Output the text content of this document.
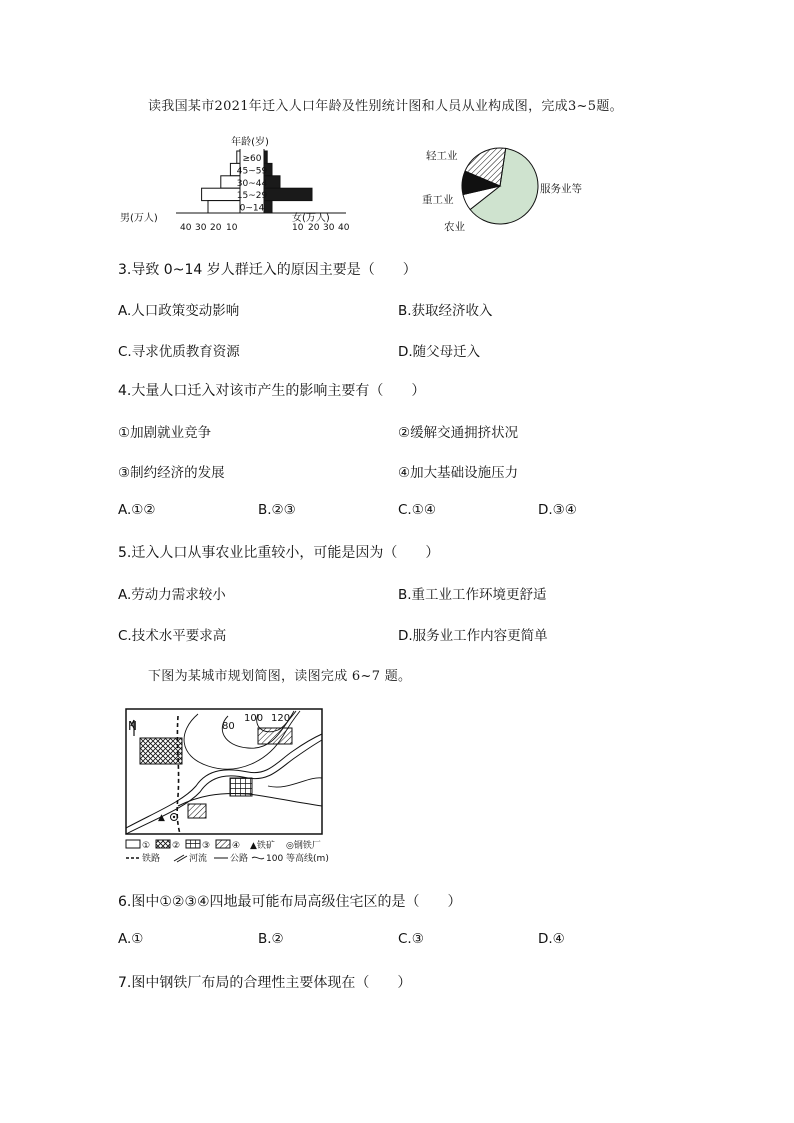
读我国某市2021年迁入人口年龄及性别统计图和人员从业构成图，完成3~5题。
年龄(岁)
≥60
45~59
30~44
15~29
0~14
男(万人)	女(万人)
40 30 20 10	10 20 30 40
轻工业
重工业
农业
服务业等
3.导致 0~14 岁人群迁入的原因主要是（　　）
A.人口政策变动影响	B.获取经济收入
C.寻求优质教育资源	D.随父母迁入
4.大量人口迁入对该市产生的影响主要有（　　）
①加剧就业竞争	②缓解交通拥挤状况
③制约经济的发展	④加大基础设施压力
A.①②	B.②③	C.①④	D.③④
5.迁入人口从事农业比重较小，可能是因为（　　）
A.劳动力需求较小	B.重工业工作环境更舒适
C.技术水平要求高	D.服务业工作内容更简单
下图为某城市规划简图，读图完成 6~7 题。
N	80
100 120
▲
① ② ③ ④ ▲铁矿 ◎钢铁厂
铁路	河流	公路 100 等高线(m)
6.图中①②③④四地最可能布局高级住宅区的是（　　）
A.①	B.②	C.③	D.④
7.图中钢铁厂布局的合理性主要体现在（　　）
